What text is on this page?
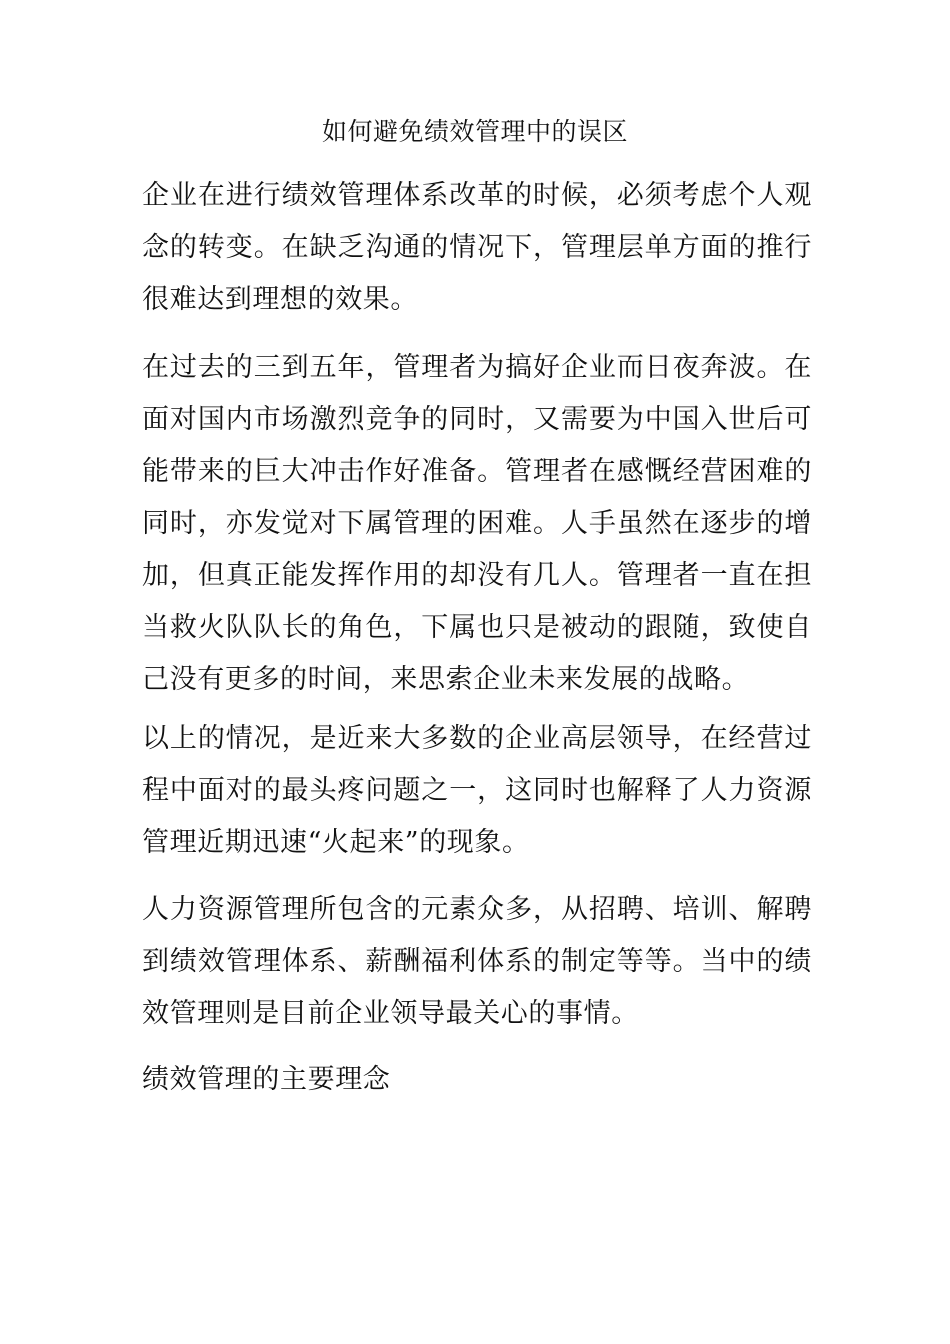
如何避免绩效管理中的误区

企业在进行绩效管理体系改革的时候，必须考虑个人观念的转变。在缺乏沟通的情况下，管理层单方面的推行很难达到理想的效果。

在过去的三到五年，管理者为搞好企业而日夜奔波。在面对国内市场激烈竞争的同时，又需要为中国入世后可能带来的巨大冲击作好准备。管理者在感慨经营困难的同时，亦发觉对下属管理的困难。人手虽然在逐步的增加，但真正能发挥作用的却没有几人。管理者一直在担当救火队队长的角色，下属也只是被动的跟随，致使自己没有更多的时间，来思索企业未来发展的战略。

以上的情况，是近来大多数的企业高层领导，在经营过程中面对的最头疼问题之一，这同时也解释了人力资源管理近期迅速“火起来”的现象。

人力资源管理所包含的元素众多，从招聘、培训、解聘到绩效管理体系、薪酬福利体系的制定等等。当中的绩效管理则是目前企业领导最关心的事情。

绩效管理的主要理念
